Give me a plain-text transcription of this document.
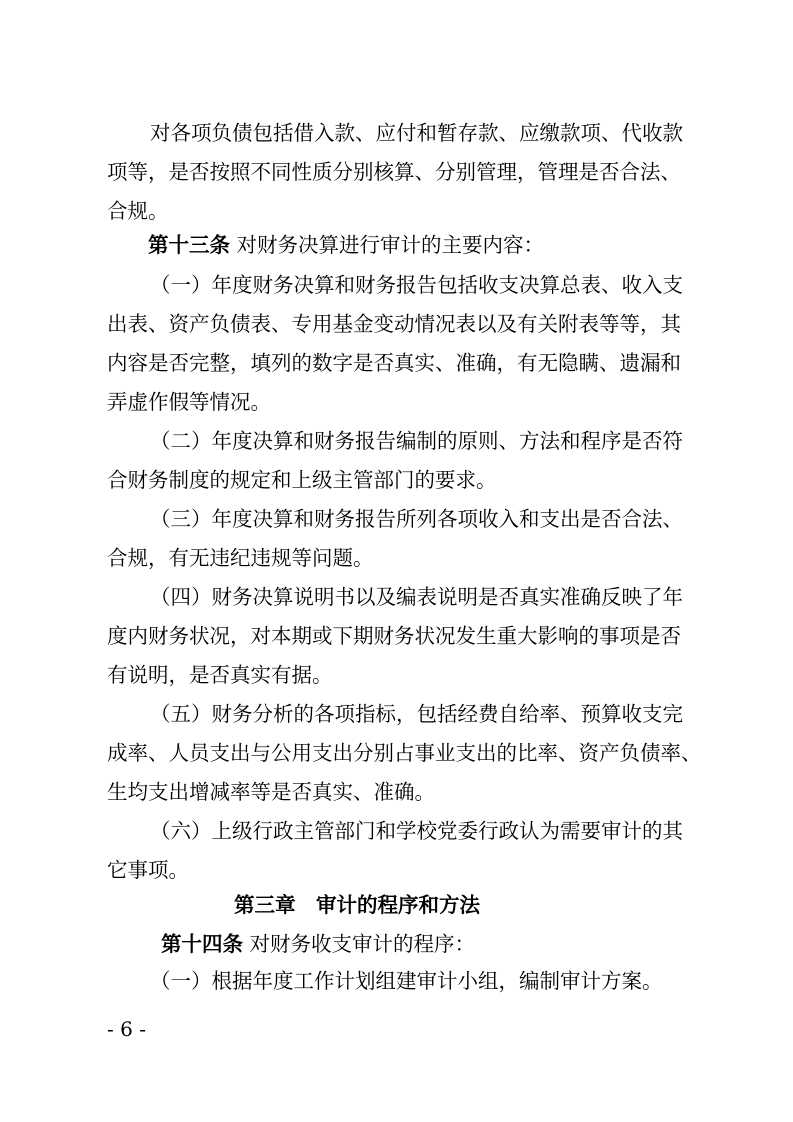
对各项负债包括借入款、应付和暂存款、应缴款项、代收款
项等，是否按照不同性质分别核算、分别管理，管理是否合法、
合规。
第十三条 对财务决算进行审计的主要内容：
（一）年度财务决算和财务报告包括收支决算总表、收入支
出表、资产负债表、专用基金变动情况表以及有关附表等等，其
内容是否完整，填列的数字是否真实、准确，有无隐瞒、遗漏和
弄虚作假等情况。
（二）年度决算和财务报告编制的原则、方法和程序是否符
合财务制度的规定和上级主管部门的要求。
（三）年度决算和财务报告所列各项收入和支出是否合法、
合规，有无违纪违规等问题。
（四）财务决算说明书以及编表说明是否真实准确反映了年
度内财务状况，对本期或下期财务状况发生重大影响的事项是否
有说明，是否真实有据。
（五）财务分析的各项指标，包括经费自给率、预算收支完
成率、人员支出与公用支出分别占事业支出的比率、资产负债率、
生均支出增减率等是否真实、准确。
（六）上级行政主管部门和学校党委行政认为需要审计的其
它事项。
第三章　审计的程序和方法
第十四条 对财务收支审计的程序：
（一）根据年度工作计划组建审计小组，编制审计方案。
- 6 -
